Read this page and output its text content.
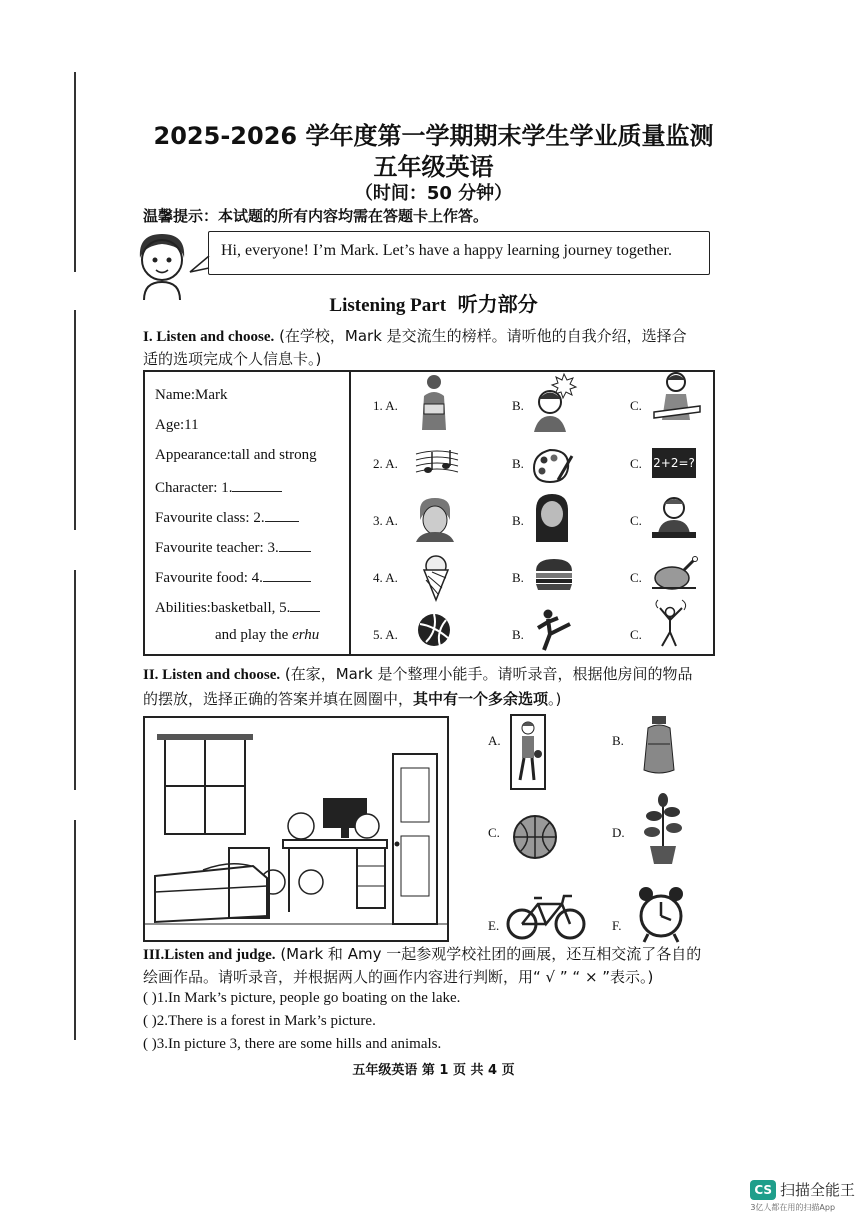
2025-2026 学年度第一学期期末学生学业质量监测
五年级英语
（时间：50 分钟）
温馨提示：本试题的所有内容均需在答题卡上作答。
Hi, everyone! I’m Mark. Let’s have a happy learning journey together.
Listening Part 听力部分
I. Listen and choose. (在学校，Mark 是交流生的榜样。请听他的自我介绍，选择合
适的选项完成个人信息卡。)
Name:Mark
Age:11
Appearance:tall and strong
Character: 1.
Favourite class: 2.
Favourite teacher: 3.
Favourite food: 4.
Abilities:basketball, 5.
and play the erhu
1. A.	B.	C.
2. A.	B.	C.
3. A.	B.	C.
4. A.	B.	C.
5. A.	B.	C.
2+2=?
II. Listen and choose. (在家，Mark 是个整理小能手。请听录音，根据他房间的物品
的摆放，选择正确的答案并填在圆圈中，其中有一个多余选项。)
A.	B.
C.	D.
E.	F.
III.Listen and judge. (Mark 和 Amy 一起参观学校社团的画展，还互相交流了各自的
绘画作品。请听录音，并根据两人的画作内容进行判断，用“ √ ” “ × ”表示。)
( )1.In Mark’s picture, people go boating on the lake.
( )2.There is a forest in Mark’s picture.
( )3.In picture 3, there are some hills and animals.
五年级英语 第 1 页 共 4 页
CS 扫描全能王
3亿人都在用的扫描App
